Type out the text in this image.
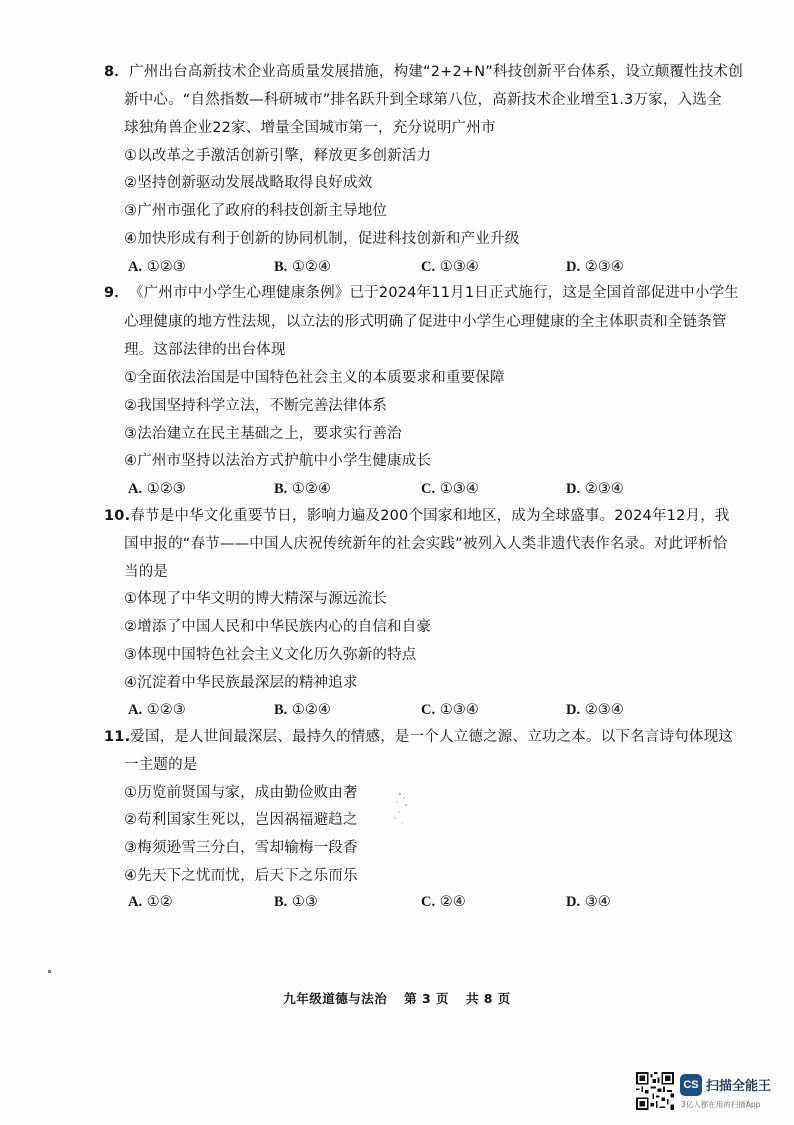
8．广州出台高新技术企业高质量发展措施，构建“2+2+N”科技创新平台体系，设立颠覆性技术创
新中心。“自然指数—科研城市”排名跃升到全球第八位，高新技术企业增至1.3万家，入选全
球独角兽企业22家、增量全国城市第一，充分说明广州市
①以改革之手激活创新引擎，释放更多创新活力
②坚持创新驱动发展战略取得良好成效
③广州市强化了政府的科技创新主导地位
④加快形成有利于创新的协同机制，促进科技创新和产业升级
A. ①②③	B. ①②④	C. ①③④	D. ②③④
9．《广州市中小学生心理健康条例》已于2024年11月1日正式施行，这是全国首部促进中小学生
心理健康的地方性法规，以立法的形式明确了促进中小学生心理健康的全主体职责和全链条管
理。这部法律的出台体现
①全面依法治国是中国特色社会主义的本质要求和重要保障
②我国坚持科学立法，不断完善法律体系
③法治建立在民主基础之上，要求实行善治
④广州市坚持以法治方式护航中小学生健康成长
A. ①②③	B. ①②④	C. ①③④	D. ②③④
10.春节是中华文化重要节日，影响力遍及200个国家和地区，成为全球盛事。2024年12月，我
国申报的“春节——中国人庆祝传统新年的社会实践”被列入人类非遗代表作名录。对此评析恰
当的是
①体现了中华文明的博大精深与源远流长
②增添了中国人民和中华民族内心的自信和自豪
③体现中国特色社会主义文化历久弥新的特点
④沉淀着中华民族最深层的精神追求
A. ①②③	B. ①②④	C. ①③④	D. ②③④
11.爱国，是人世间最深层、最持久的情感，是一个人立德之源、立功之本。以下名言诗句体现这
一主题的是
①历览前贤国与家，成由勤俭败由奢
②苟利国家生死以，岂因祸福避趋之
③梅须逊雪三分白，雪却输梅一段香
④先天下之忧而忧，后天下之乐而乐
A. ①②	B. ①③	C. ②④	D. ③④
九年级道德与法治 第 3 页 共 8 页
CS 扫描全能王
3亿人都在用的扫描App
